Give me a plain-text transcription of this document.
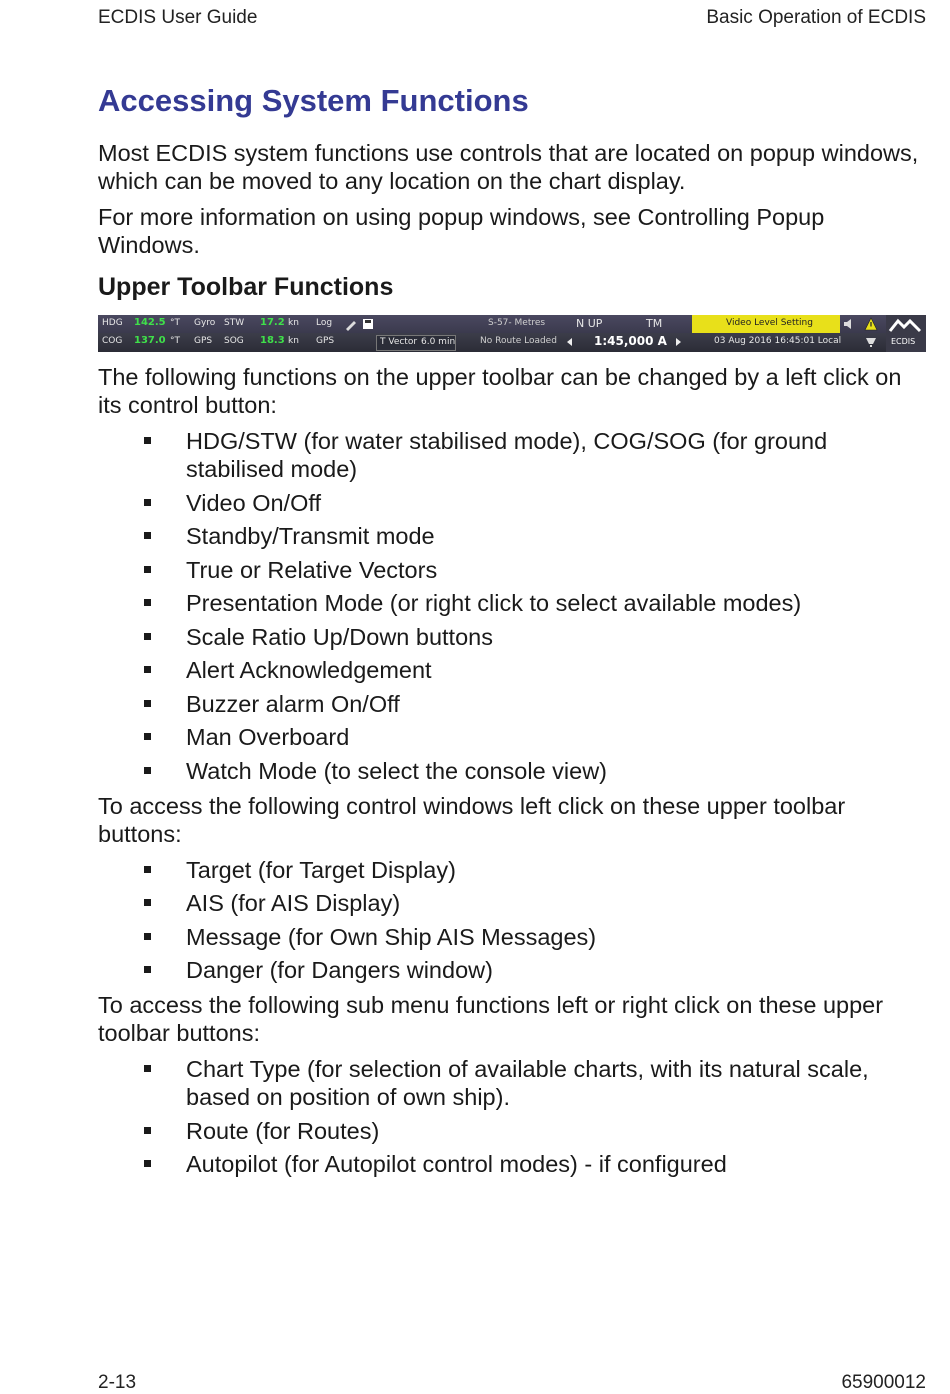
ECDIS User Guide	Basic Operation of ECDIS
Accessing System Functions

Most ECDIS system functions use controls that are located on popup windows, which can be moved to any location on the chart display.

For more information on using popup windows, see Controlling Popup Windows.

Upper Toolbar Functions
HDG 142.5 °T Gyro STW 17.2 kn Log	S-57- Metres	N UP	TM	Video Level Setting
COG 137.0 °T GPS SOG 18.3 kn GPS	T Vector 6.0 min	No Route Loaded	1:45,000 A	03 Aug 2016 16:45:01 Local	ECDIS

The following functions on the upper toolbar can be changed by a left click on its control button:

HDG/STW (for water stabilised mode), COG/SOG (for ground stabilised mode)
Video On/Off
Standby/Transmit mode
True or Relative Vectors
Presentation Mode (or right click to select available modes)
Scale Ratio Up/Down buttons
Alert Acknowledgement
Buzzer alarm On/Off
Man Overboard
Watch Mode (to select the console view)

To access the following control windows left click on these upper toolbar buttons:

Target (for Target Display)
AIS (for AIS Display)
Message (for Own Ship AIS Messages)
Danger (for Dangers window)

To access the following sub menu functions left or right click on these upper toolbar buttons:

Chart Type (for selection of available charts, with its natural scale, based on position of own ship).
Route (for Routes)
Autopilot (for Autopilot control modes) - if configured
2-13	65900012
